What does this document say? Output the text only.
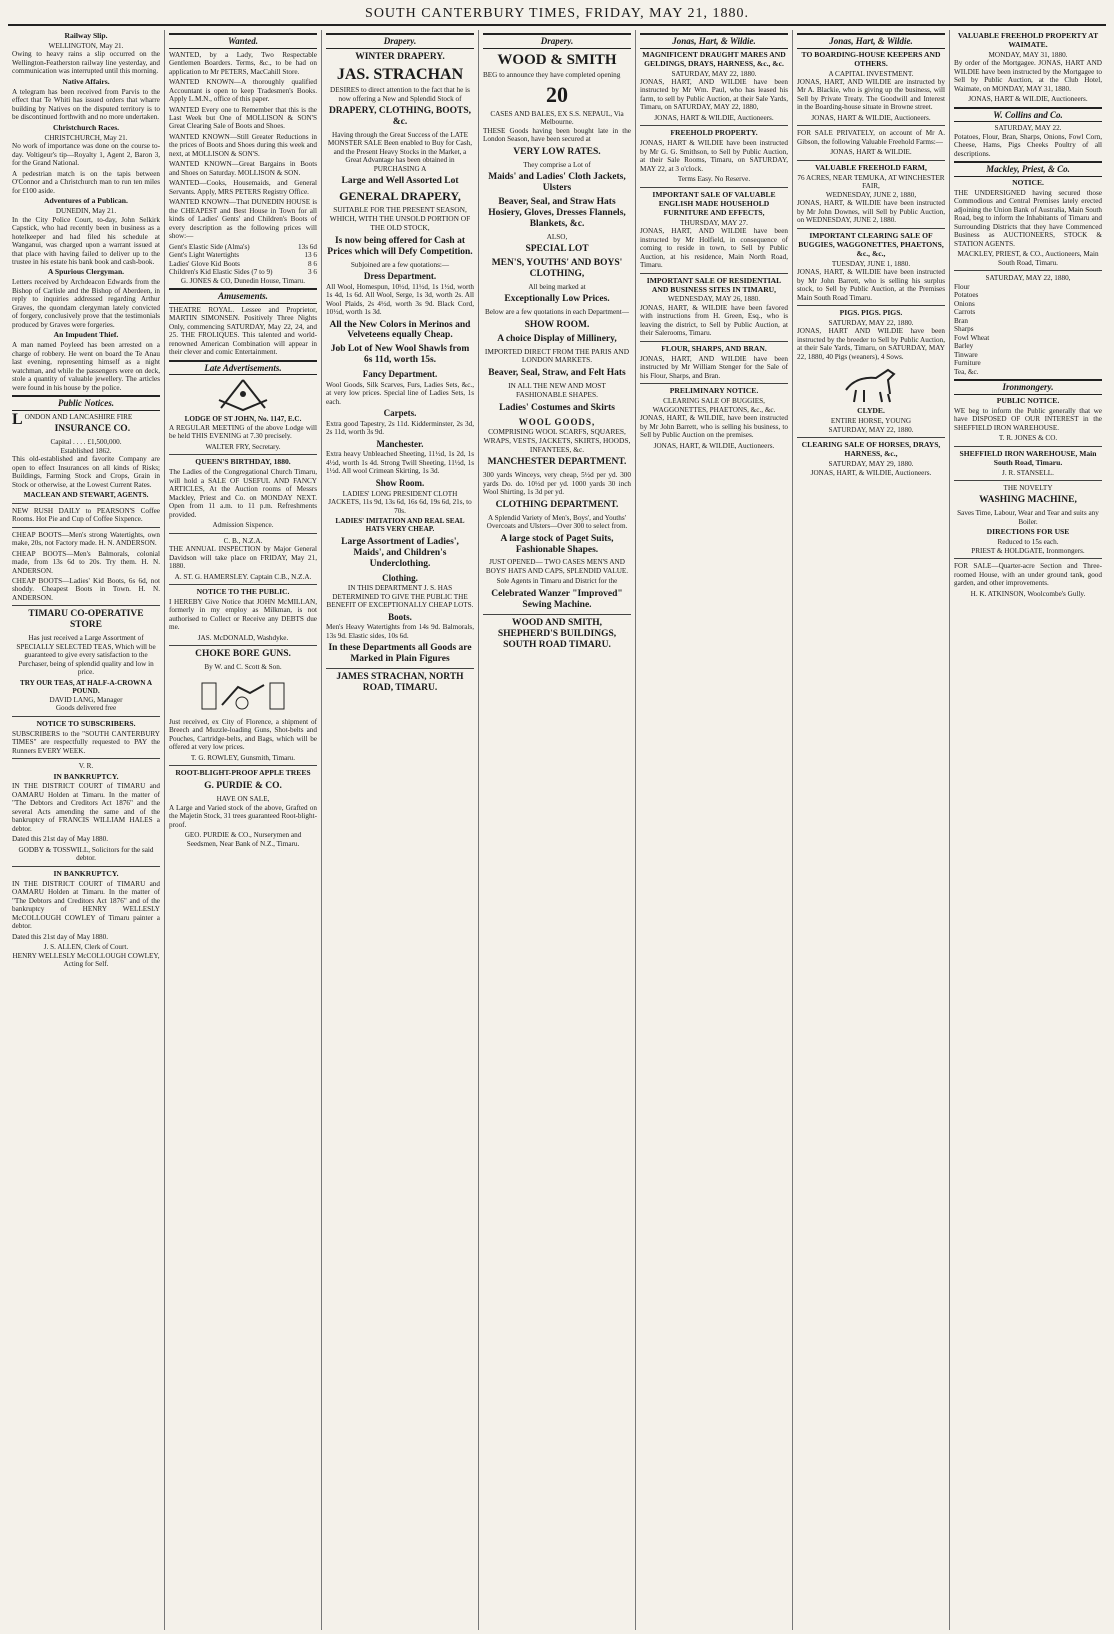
SOUTH CANTERBURY TIMES, FRIDAY, MAY 21, 1880.
Railway Slip.
WELLINGTON, May 21.
Owing to heavy rains a slip occurred on the Wellington-Featherston railway line yesterday, and communication was interrupted until this morning.
Native Affairs.
A telegram has been received from Parvis to the effect that Te Whiti has issued orders that wharre building by Natives on the disputed territory is to be discontinued forthwith and no more undertaken.
Christchurch Races.
CHRISTCHURCH, May 21.
No work of importance was done on the course to-day. Voltigeur's tip—Royalty 1, Agent 2, Baron 3, for the Grand National.
A pedestrian match is on the tapis between O'Connor and a Christchurch man to run ten miles for £100 aside.
Adventures of a Publican.
DUNEDIN, May 21.
In the City Police Court, to-day, John Selkirk Capstick, who had recently been in business as a hotelkeeper and had filed his schedule at Wanganui, was charged upon a warrant issued at that place with having failed to deliver up to the trustee in his estate his bank book and cash-book.
A Spurious Clergyman.
Letters received by Archdeacon Edwards from the Bishop of Carlisle and the Bishop of Aberdeen, in reply to inquiries addressed regarding Arthur Graves, the quondam clergyman lately convicted of forgery, conclusively prove that the testimonials produced by Graves were forgeries.
An Impudent Thief.
A man named Poyleed has been arrested on a charge of robbery. He went on board the Te Anau last evening, representing himself as a night watchman, and while the passengers were on deck, stole a quantity of valuable jewellery. The articles were found in his house by the police.
Public Notices.
LONDON AND LANCASHIRE FIRE
INSURANCE CO.
Capital . . . . £1,500,000.
Established 1862.
This old-established and favorite Company are open to effect Insurances on all kinds of Risks; Buildings, Farming Stock and Crops, Grain in Stock or otherwise, at the Lowest Current Rates.
MACLEAN AND STEWART, AGENTS.
NEW RUSH DAILY to PEARSON'S Coffee Rooms. Hot Pie and Cup of Coffee Sixpence.
CHEAP BOOTS—Men's strong Watertights, own make, 20s, not Factory made. H. N. ANDERSON.
CHEAP BOOTS—Men's Balmorals, colonial made, from 13s 6d to 20s. Try them. H. N. ANDERSON.
CHEAP BOOTS—Ladies' Kid Boots, 6s 6d, not shoddy. Cheapest Boots in Town. H. N. ANDERSON.
TIMARU CO-OPERATIVE STORE
Has just received a Large Assortment of SPECIALLY SELECTED TEAS, Which will be guaranteed to give every satisfaction to the Purchaser, being of splendid quality and low in price.
TRY OUR TEAS, AT HALF-A-CROWN A POUND.
DAVID LANG, Manager
Goods delivered free
NOTICE TO SUBSCRIBERS.
SUBSCRIBERS to the "SOUTH CANTERBURY TIMES" are respectfully requested to PAY the Runners EVERY WEEK.
V. R.
IN BANKRUPTCY.
IN THE DISTRICT COURT of TIMARU and OAMARU Holden at Timaru. In the matter of "The Debtors and Creditors Act 1876" and the several Acts amending the same and of the bankruptcy of FRANCIS WILLIAM HALES a debtor.
Dated this 21st day of May 1880.
GODBY & TOSSWILL, Solicitors for the said debtor.
IN BANKRUPTCY.
IN THE DISTRICT COURT of TIMARU and OAMARU Holden at Timaru. In the matter of "The Debtors and Creditors Act 1876" and of the bankruptcy of HENRY WELLESLY McCOLLOUGH COWLEY of Timaru painter a debtor.
Dated this 21st day of May 1880.
J. S. ALLEN, Clerk of Court.
HENRY WELLESLY McCOLLOUGH COWLEY, Acting for Self.
Wanted.
WANTED, by a Lady, Two Respectable Gentlemen Boarders. Terms, &c., to be had on application to Mr PETERS, MacCahill Store.
WANTED KNOWN—A thoroughly qualified Accountant is open to keep Tradesmen's Books. Apply L.M.N., office of this paper.
WANTED Every one to Remember that this is the Last Week but One of MOLLISON & SON'S Great Clearing Sale of Boots and Shoes.
WANTED KNOWN—Still Greater Reductions in the prices of Boots and Shoes during this week and next, at MOLLISON & SON'S.
WANTED KNOWN—Great Bargains in Boots and Shoes on Saturday. MOLLISON & SON.
WANTED—Cooks, Housemaids, and General Servants. Apply, MRS PETERS Registry Office.
WANTED KNOWN—That DUNEDIN HOUSE is the CHEAPEST and Best House in Town for all kinds of Ladies' Gents' and Children's Boots of every description as the following prices will show:—
Gent's Elastic Side (Alma's)	13s 6d
Gent's Light Watertights	13 6
Ladies' Glove Kid Boots	8 6
Children's Kid Elastic Sides (7 to 9)	3 6
G. JONES & CO, Dunedin House, Timaru.
Amusements.
THEATRE ROYAL. Lessee and Proprietor, MARTIN SIMONSEN. Positively Three Nights Only, commencing SATURDAY, May 22, 24, and 25. THE FROLIQUES. This talented and world-renowned American Combination will appear in their clever and comic Entertainment.
Late Advertisements.
LODGE OF ST JOHN, No. 1147, E.C.
A REGULAR MEETING of the above Lodge will be held THIS EVENING at 7.30 precisely.
WALTER FRY, Secretary.
QUEEN'S BIRTHDAY, 1880.
The Ladies of the Congregational Church Timaru, will hold a SALE OF USEFUL AND FANCY ARTICLES, At the Auction rooms of Messrs Mackley, Priest and Co. on MONDAY NEXT. Open from 11 a.m. to 11 p.m. Refreshments provided.
Admission Sixpence.
C. B., N.Z.A.
THE ANNUAL INSPECTION by Major General Davidson will take place on FRIDAY, May 21, 1880.
A. ST. G. HAMERSLEY. Captain C.B., N.Z.A.
NOTICE TO THE PUBLIC.
I HEREBY Give Notice that JOHN McMILLAN, formerly in my employ as Milkman, is not authorised to Collect or Receive any DEBTS due me.
JAS. McDONALD, Washdyke.
CHOKE BORE GUNS.
By W. and C. Scott & Son.
Just received, ex City of Florence, a shipment of Breech and Muzzle-loading Guns, Shot-belts and Pouches, Cartridge-belts, and Bags, which will be offered at very low prices.
T. G. ROWLEY, Gunsmith, Timaru.
ROOT-BLIGHT-PROOF APPLE TREES
G. PURDIE & CO.
HAVE ON SALE,
A Large and Varied stock of the above, Grafted on the Majetin Stock, 31 trees guaranteed Root-blight-proof.
GEO. PURDIE & CO., Nurserymen and Seedsmen, Near Bank of N.Z., Timaru.
Drapery.
WINTER DRAPERY.
JAS. STRACHAN
DESIRES to direct attention to the fact that he is now offering a New and Splendid Stock of
DRAPERY, CLOTHING, BOOTS, &c.
Having through the Great Success of the LATE MONSTER SALE Been enabled to Buy for Cash, and the Present Heavy Stocks in the Market, a Great Advantage has been obtained in PURCHASING A
Large and Well Assorted Lot
GENERAL DRAPERY,
SUITABLE FOR THE PRESENT SEASON, WHICH, WITH THE UNSOLD PORTION OF THE OLD STOCK,
Is now being offered for Cash at Prices which will Defy Competition.
Subjoined are a few quotations:—
Dress Department.
All Wool, Homespun, 10½d, 11½d, 1s 1½d, worth 1s 4d, 1s 6d. All Wool, Serge, 1s 3d, worth 2s. All Wool Plaids, 2s 4½d, worth 3s 9d. Black Cord, 10½d, worth 1s 3d.
All the New Colors in Merinos and Velveteens equally Cheap.
Job Lot of New Wool Shawls from 6s 11d, worth 15s.
Fancy Department.
Wool Goods, Silk Scarves, Furs, Ladies Sets, &c., at very low prices. Special line of Ladies Sets, 1s each.
Carpets.
Extra good Tapestry, 2s 11d. Kidderminster, 2s 3d, 2s 11d, worth 3s 9d.
Manchester.
Extra heavy Unbleached Sheeting, 11½d, 1s 2d, 1s 4½d, worth 1s 4d. Strong Twill Sheeting, 11½d, 1s 1½d. All wool Crimean Skirting, 1s 3d.
Show Room.
LADIES' LONG PRESIDENT CLOTH JACKETS, 11s 9d, 13s 6d, 16s 6d, 19s 6d, 21s, to 70s.
LADIES' IMITATION AND REAL SEAL HATS VERY CHEAP.
Large Assortment of Ladies', Maids', and Children's Underclothing.
Clothing.
IN THIS DEPARTMENT J. S. HAS DETERMINED TO GIVE THE PUBLIC THE BENEFIT OF EXCEPTIONALLY CHEAP LOTS.
Boots.
Men's Heavy Watertights from 14s 9d. Balmorals, 13s 9d. Elastic sides, 10s 6d.
In these Departments all Goods are Marked in Plain Figures
JAMES STRACHAN, NORTH ROAD, TIMARU.
Drapery.
WOOD & SMITH
BEG to announce they have completed opening
20
CASES AND BALES, EX S.S. NEPAUL, Via Melbourne.
THESE Goods having been bought late in the London Season, have been secured at
VERY LOW RATES.
They comprise a Lot of
Maids' and Ladies' Cloth Jackets, Ulsters
Beaver, Seal, and Straw Hats Hosiery, Gloves, Dresses Flannels, Blankets, &c.
ALSO,
SPECIAL LOT
MEN'S, YOUTHS' AND BOYS' CLOTHING,
All being marked at
Exceptionally Low Prices.
Below are a few quotations in each Department—
SHOW ROOM.
A choice Display of Millinery,
IMPORTED DIRECT FROM THE PARIS AND LONDON MARKETS.
Beaver, Seal, Straw, and Felt Hats
IN ALL THE NEW AND MOST FASHIONABLE SHAPES.
Ladies' Costumes and Skirts
WOOL GOODS,
COMPRISING WOOL SCARFS, SQUARES, WRAPS, VESTS, JACKETS, SKIRTS, HOODS, INFANTEES, &c.
MANCHESTER DEPARTMENT.
300 yards Winceys, very cheap, 5½d per yd. 300 yards Do. do. 10½d per yd. 1000 yards 30 inch Wool Shirting, 1s 3d per yd.
CLOTHING DEPARTMENT.
A Splendid Variety of Men's, Boys', and Youths' Overcoats and Ulsters—Over 300 to select from.
A large stock of Paget Suits, Fashionable Shapes.
JUST OPENED— TWO CASES MEN'S AND BOYS' HATS AND CAPS, SPLENDID VALUE.
Sole Agents in Timaru and District for the
Celebrated Wanzer "Improved" Sewing Machine.
WOOD AND SMITH, SHEPHERD'S BUILDINGS, SOUTH ROAD TIMARU.
Jonas, Hart, & Wildie.
MAGNIFICENT DRAUGHT MARES AND GELDINGS, DRAYS, HARNESS, &c., &c.
SATURDAY, MAY 22, 1880.
JONAS, HART, AND WILDIE have been instructed by Mr Wm. Paul, who has leased his farm, to sell by Public Auction, at their Sale Yards, Timaru, on SATURDAY, MAY 22, 1880,
JONAS, HART & WILDIE, Auctioneers.
FREEHOLD PROPERTY.
JONAS, HART & WILDIE have been instructed by Mr G. G. Smithson, to Sell by Public Auction, at their Sale Rooms, Timaru, on SATURDAY, MAY 22, at 3 o'clock.
Terms Easy. No Reserve.
IMPORTANT SALE OF VALUABLE ENGLISH MADE HOUSEHOLD FURNITURE AND EFFECTS,
THURSDAY, MAY 27.
JONAS, HART, AND WILDIE have been instructed by Mr Holfield, in consequence of coming to reside in town, to Sell by Public Auction, at his residence, Main North Road, Timaru.
IMPORTANT SALE OF RESIDENTIAL AND BUSINESS SITES IN TIMARU,
WEDNESDAY, MAY 26, 1880.
JONAS, HART, & WILDIE have been favored with instructions from H. Green, Esq., who is leaving the district, to Sell by Public Auction, at their Salerooms, Timaru.
FLOUR, SHARPS, AND BRAN.
JONAS, HART, AND WILDIE have been instructed by Mr William Stenger for the Sale of his Flour, Sharps, and Bran.
PRELIMINARY NOTICE.
CLEARING SALE OF BUGGIES, WAGGONETTES, PHAETONS, &c., &c.
JONAS, HART, & WILDIE, have been instructed by Mr John Barrett, who is selling his business, to Sell by Public Auction on the premises.
JONAS, HART, & WILDIE, Auctioneers.
Jonas, Hart, & Wildie.
TO BOARDING-HOUSE KEEPERS AND OTHERS.
A CAPITAL INVESTMENT.
JONAS, HART, AND WILDIE are instructed by Mr A. Blackie, who is giving up the business, will Sell by Private Treaty. The Goodwill and Interest in the Boarding-house situate in Browne street.
JONAS, HART & WILDIE, Auctioneers.
FOR SALE PRIVATELY, on account of Mr A. Gibson, the following Valuable Freehold Farms:—
JONAS, HART & WILDIE.
VALUABLE FREEHOLD FARM,
76 ACRES, NEAR TEMUKA, AT WINCHESTER FAIR,
WEDNESDAY, JUNE 2, 1880,
JONAS, HART, & WILDIE have been instructed by Mr John Downes, will Sell by Public Auction, on WEDNESDAY, JUNE 2, 1880.
IMPORTANT CLEARING SALE OF BUGGIES, WAGGONETTES, PHAETONS, &c., &c.,
TUESDAY, JUNE 1, 1880.
JONAS, HART, & WILDIE have been instructed by Mr John Barrett, who is selling his surplus stock, to Sell by Public Auction, at the Premises Main South Road Timaru.
PIGS. PIGS. PIGS.
SATURDAY, MAY 22, 1880.
JONAS, HART AND WILDIE have been instructed by the breeder to Sell by Public Auction, at their Sale Yards, Timaru, on SATURDAY, MAY 22, 1880, 40 Pigs (weaners), 4 Sows.
CLYDE.
ENTIRE HORSE, YOUNG
SATURDAY, MAY 22, 1880.
CLEARING SALE OF HORSES, DRAYS, HARNESS, &c.,
SATURDAY, MAY 29, 1880.
JONAS, HART, & WILDIE, Auctioneers.
VALUABLE FREEHOLD PROPERTY AT WAIMATE.
MONDAY, MAY 31, 1880.
By order of the Mortgagee. JONAS, HART AND WILDIE have been instructed by the Mortgagee to Sell by Public Auction, at the Club Hotel, Waimate, on MONDAY, MAY 31, 1880.
JONAS, HART & WILDIE, Auctioneers.
W. Collins and Co.
SATURDAY, MAY 22.
Potatoes, Flour, Bran, Sharps, Onions, Fowl Corn, Cheese, Hams, Pigs Cheeks Poultry of all descriptions.
Mackley, Priest, & Co.
NOTICE.
THE UNDERSIGNED having secured those Commodious and Central Premises lately erected adjoining the Union Bank of Australia, Main South Road, beg to inform the Inhabitants of Timaru and Surrounding Districts that they have Commenced Business as AUCTIONEERS, STOCK & STATION AGENTS.
MACKLEY, PRIEST, & CO., Auctioneers, Main South Road, Timaru.
SATURDAY, MAY 22, 1880,
Flour
Potatoes
Onions
Carrots
Bran
Sharps
Fowl Wheat
Barley
Tinware
Furniture
Tea, &c.
Ironmongery.
PUBLIC NOTICE.
WE beg to inform the Public generally that we have DISPOSED OF OUR INTEREST in the SHEFFIELD IRON WAREHOUSE.
T. R. JONES & CO.
SHEFFIELD IRON WAREHOUSE, Main South Road, Timaru.
J. R. STANSELL.
THE NOVELTY
WASHING MACHINE,
Saves Time, Labour, Wear and Tear and suits any Boiler.
DIRECTIONS FOR USE
Reduced to 15s each.
PRIEST & HOLDGATE, Ironmongers.
FOR SALE—Quarter-acre Section and Three-roomed House, with an under ground tank, good garden, and other improvements.
H. K. ATKINSON, Woolcombe's Gully.
